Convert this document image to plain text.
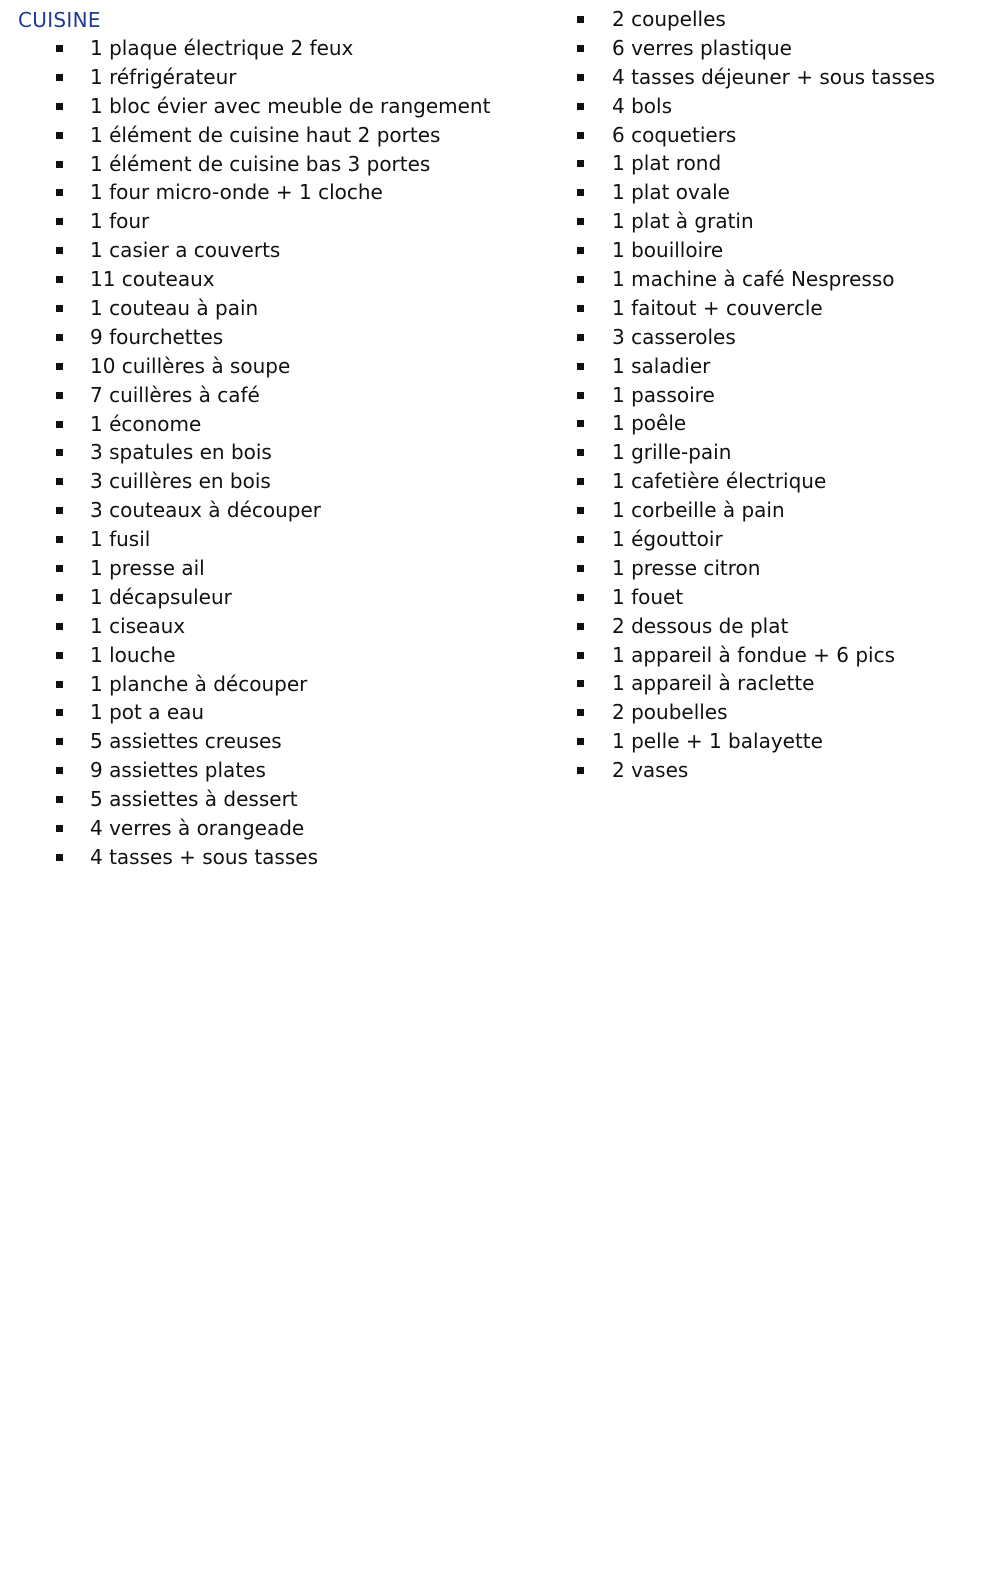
CUISINE
1 plaque électrique 2 feux
1 réfrigérateur
1 bloc évier avec meuble de rangement
1 élément de cuisine haut 2 portes
1 élément de cuisine bas 3 portes
1 four micro-onde + 1 cloche
1 four
1 casier a couverts
11 couteaux
1 couteau à pain
9 fourchettes
10 cuillères à soupe
7 cuillères à café
1 économe
3 spatules en bois
3 cuillères en bois
3 couteaux à découper
1 fusil
1 presse ail
1 décapsuleur
1 ciseaux
1 louche
1 planche à découper
1 pot a eau
5 assiettes creuses
9 assiettes plates
5 assiettes à dessert
4 verres à orangeade
4 tasses + sous tasses
2 coupelles
6 verres plastique
4 tasses déjeuner + sous tasses
4 bols
6 coquetiers
1 plat rond
1 plat ovale
1 plat à gratin
1 bouilloire
1 machine à café Nespresso
1 faitout + couvercle
3 casseroles
1 saladier
1 passoire
1 poêle
1 grille-pain
1 cafetière électrique
1 corbeille à pain
1 égouttoir
1 presse citron
1 fouet
2 dessous de plat
1 appareil à fondue + 6 pics
1 appareil à raclette
2 poubelles
1 pelle + 1 balayette
2 vases
